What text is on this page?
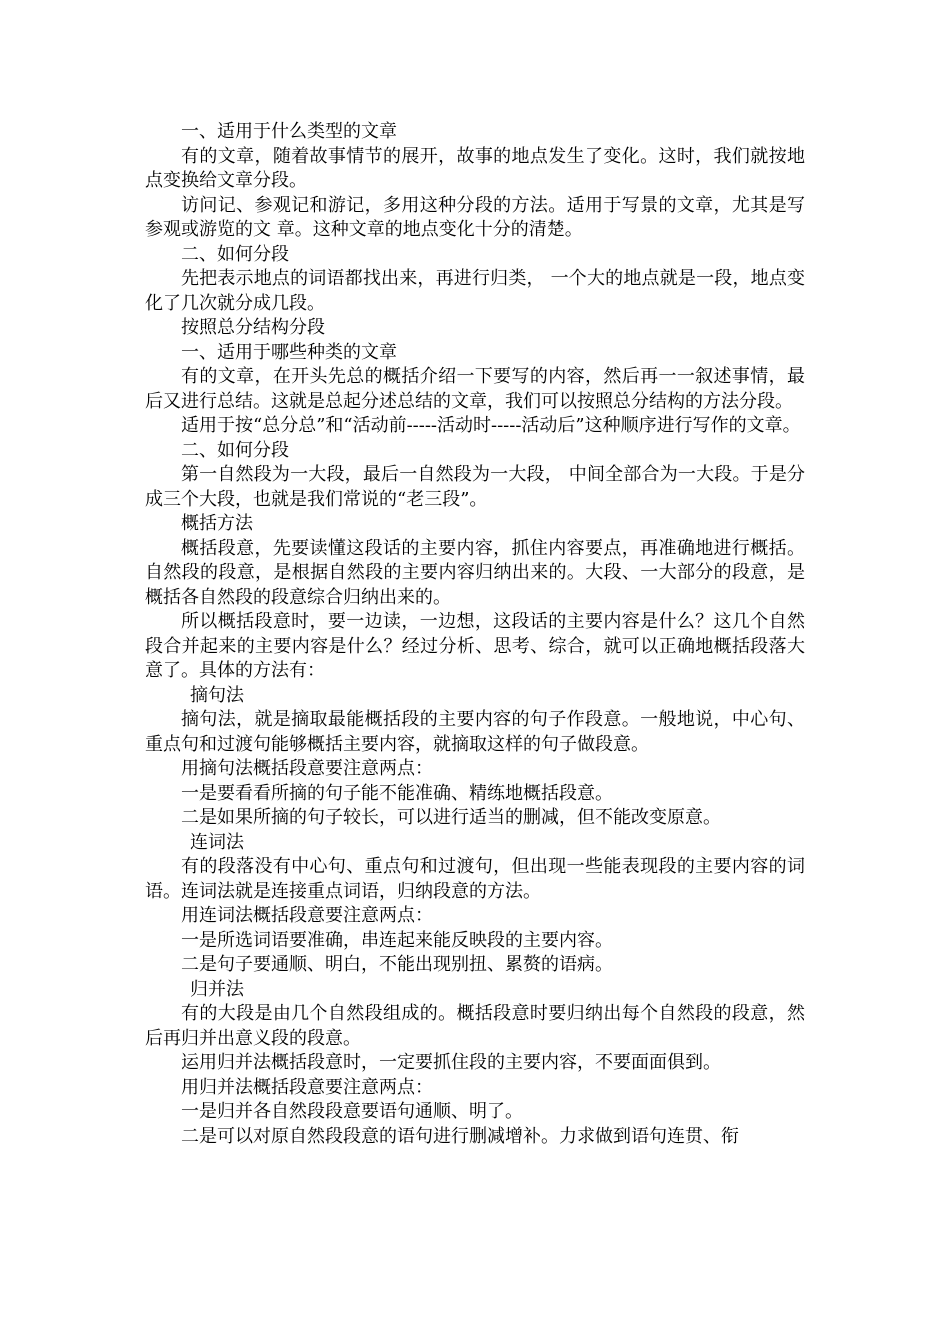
一、适用于什么类型的文章

有的文章，随着故事情节的展开，故事的地点发生了变化。这时，我们就按地点变换给文章分段。

访问记、参观记和游记，多用这种分段的方法。适用于写景的文章，尤其是写参观或游览的文 章。这种文章的地点变化十分的清楚。

二、如何分段

先把表示地点的词语都找出来，再进行归类， 一个大的地点就是一段，地点变化了几次就分成几段。

按照总分结构分段

一、适用于哪些种类的文章

有的文章，在开头先总的概括介绍一下要写的内容，然后再一一叙述事情，最后又进行总结。这就是总起分述总结的文章，我们可以按照总分结构的方法分段。

适用于按“总分总”和“活动前-----活动时-----活动后”这种顺序进行写作的文章。

二、如何分段

第一自然段为一大段，最后一自然段为一大段， 中间全部合为一大段。于是分成三个大段，也就是我们常说的“老三段”。

概括方法

概括段意，先要读懂这段话的主要内容，抓住内容要点，再准确地进行概括。自然段的段意，是根据自然段的主要内容归纳出来的。大段、一大部分的段意，是概括各自然段的段意综合归纳出来的。

所以概括段意时，要一边读，一边想，这段话的主要内容是什么？这几个自然段合并起来的主要内容是什么？经过分析、思考、综合，就可以正确地概括段落大意了。具体的方法有：

摘句法

摘句法，就是摘取最能概括段的主要内容的句子作段意。一般地说，中心句、重点句和过渡句能够概括主要内容，就摘取这样的句子做段意。

用摘句法概括段意要注意两点：

一是要看看所摘的句子能不能准确、精练地概括段意。

二是如果所摘的句子较长，可以进行适当的删减，但不能改变原意。

连词法

有的段落没有中心句、重点句和过渡句，但出现一些能表现段的主要内容的词语。连词法就是连接重点词语，归纳段意的方法。

用连词法概括段意要注意两点：

一是所选词语要准确，串连起来能反映段的主要内容。

二是句子要通顺、明白，不能出现别扭、累赘的语病。

归并法

有的大段是由几个自然段组成的。概括段意时要归纳出每个自然段的段意，然后再归并出意义段的段意。

运用归并法概括段意时，一定要抓住段的主要内容，不要面面俱到。

用归并法概括段意要注意两点：

一是归并各自然段段意要语句通顺、明了。

二是可以对原自然段段意的语句进行删减增补。力求做到语句连贯、衔
